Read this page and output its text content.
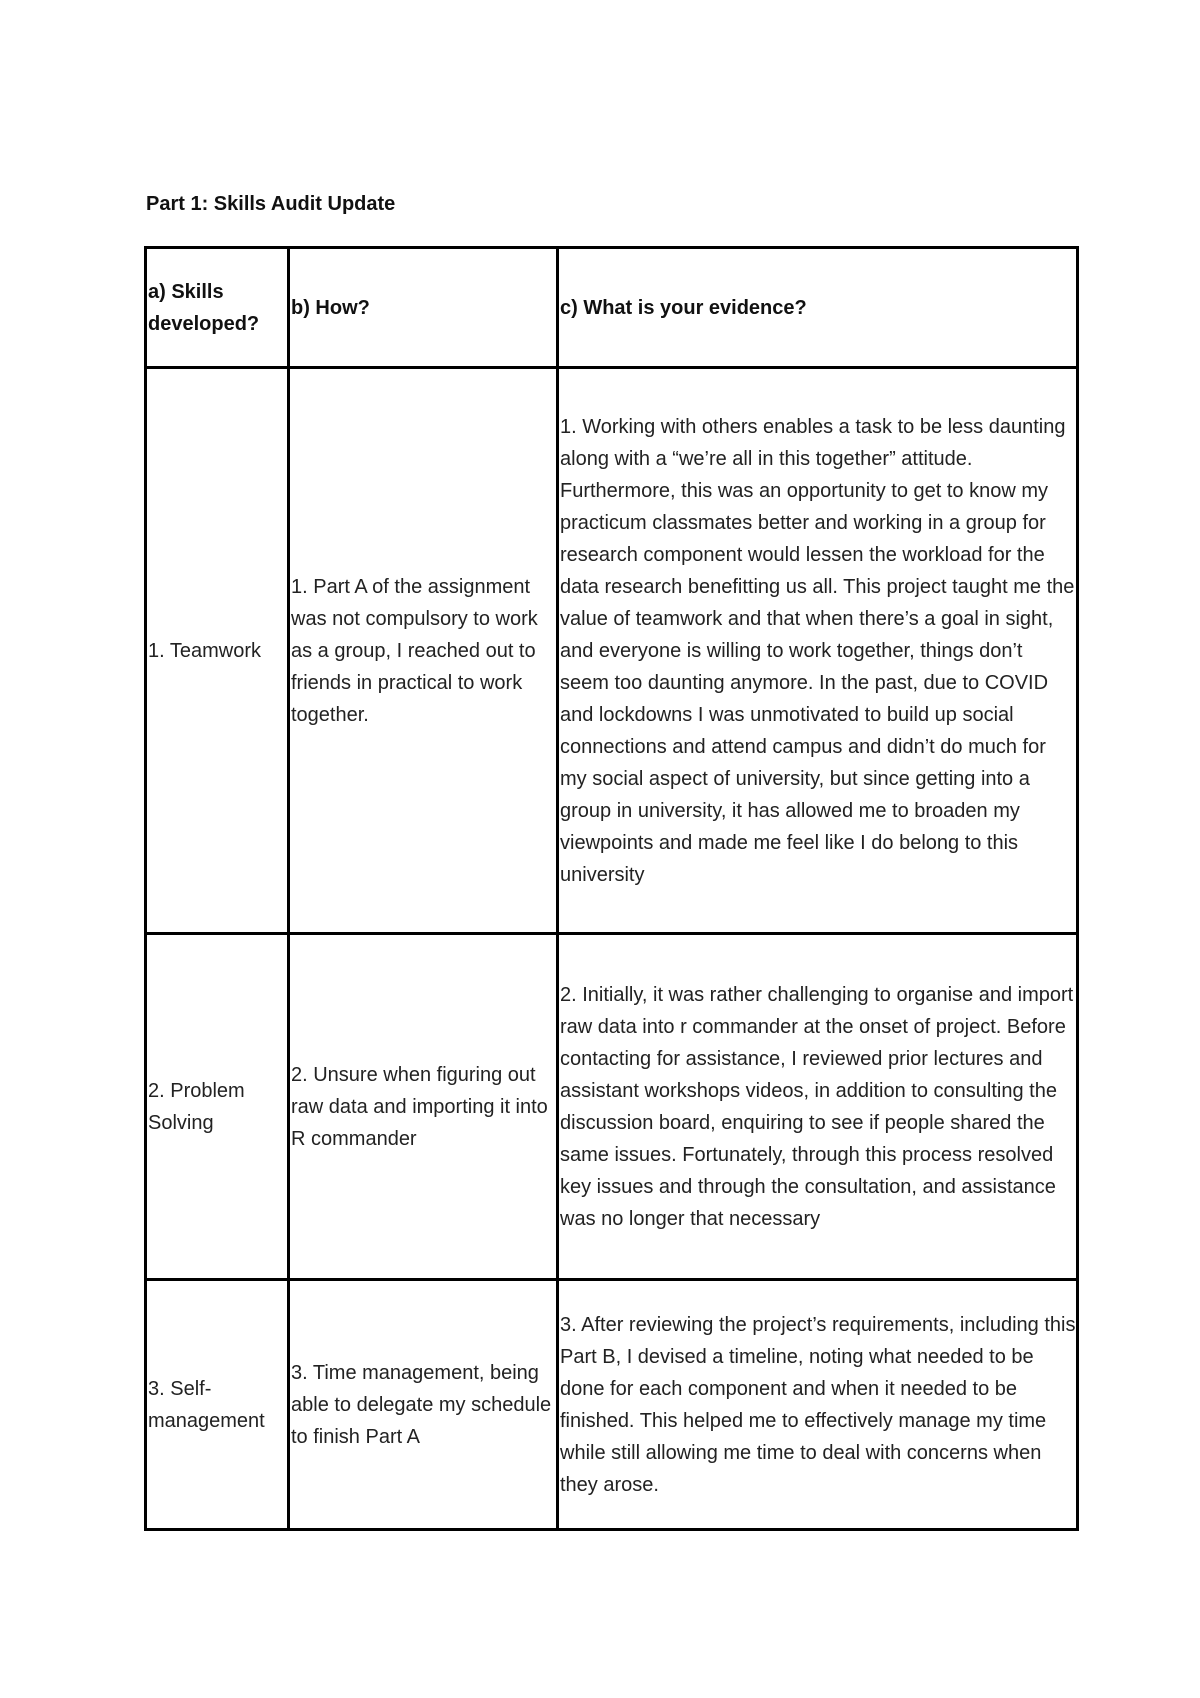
Part 1: Skills Audit Update
a) Skills developed?	b) How?	c) What is your evidence?

1. Teamwork	1. Part A of the assignment was not compulsory to work as a group, I reached out to friends in practical to work together.	1. Working with others enables a task to be less daunting along with a “we’re all in this together” attitude. Furthermore, this was an opportunity to get to know my practicum classmates better and working in a group for research component would lessen the workload for the data research benefitting us all. This project taught me the value of teamwork and that when there’s a goal in sight, and everyone is willing to work together, things don’t seem too daunting anymore. In the past, due to COVID and lockdowns I was unmotivated to build up social connections and attend campus and didn’t do much for my social aspect of university, but since getting into a group in university, it has allowed me to broaden my viewpoints and made me feel like I do belong to this university

2. Problem Solving	2. Unsure when figuring out raw data and importing it into R commander	2. Initially, it was rather challenging to organise and import raw data into r commander at the onset of project. Before contacting for assistance, I reviewed prior lectures and assistant workshops videos, in addition to consulting the discussion board, enquiring to see if people shared the same issues. Fortunately, through this process resolved key issues and through the consultation, and assistance was no longer that necessary

3. Self-management	3. Time management, being able to delegate my schedule to finish Part A	3. After reviewing the project’s requirements, including this Part B, I devised a timeline, noting what needed to be done for each component and when it needed to be finished. This helped me to effectively manage my time while still allowing me time to deal with concerns when they arose.
